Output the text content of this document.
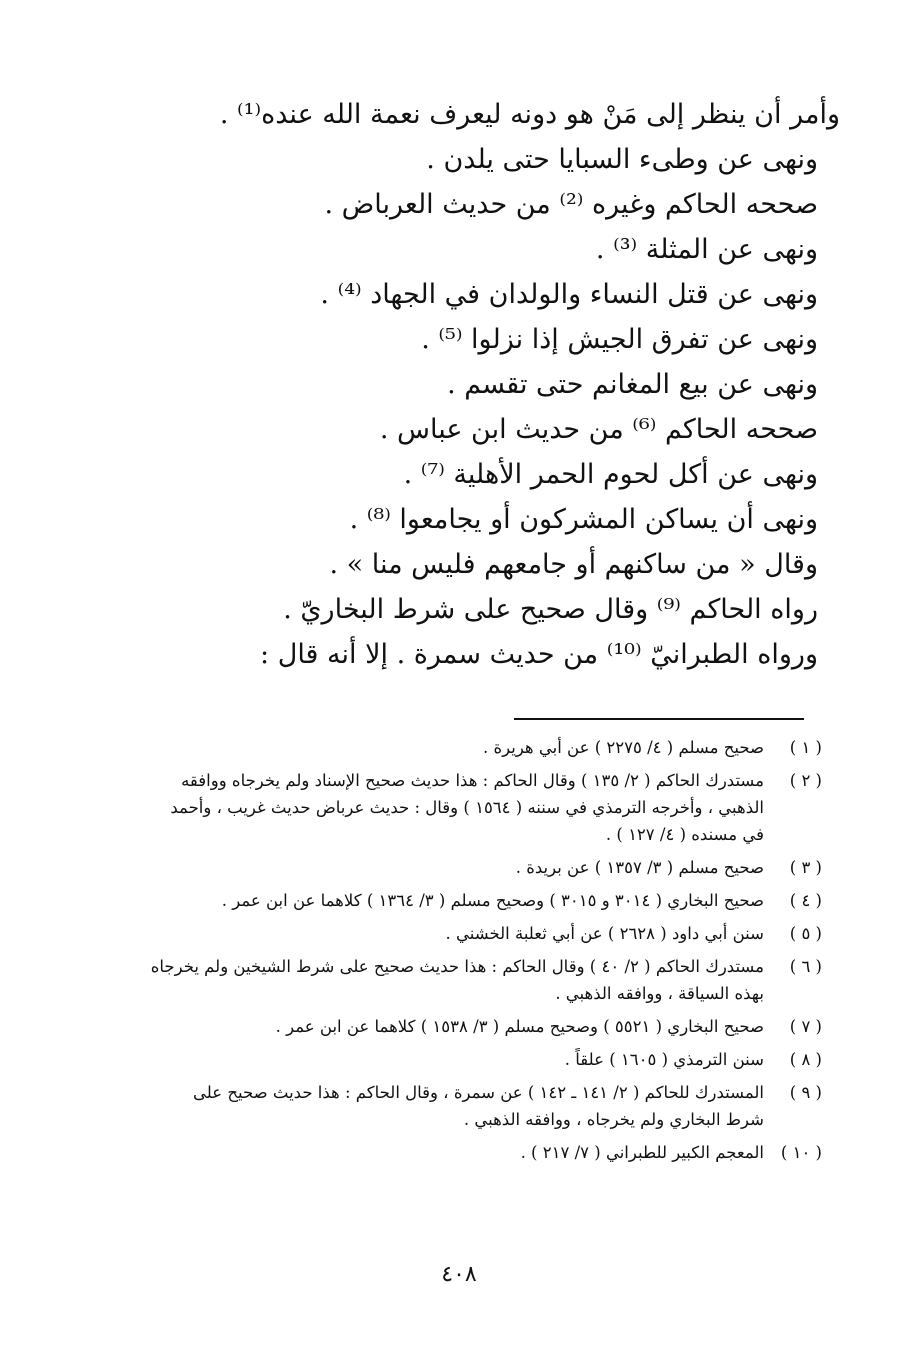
وأمر أن ينظر إلى مَنْ هو دونه ليعرف نعمة الله عنده⁽¹⁾ .
ونهى عن وطىء السبايا حتى يلدن .
صححه الحاكم وغيره ⁽²⁾ من حديث العرباض .
ونهى عن المثلة ⁽³⁾ .
ونهى عن قتل النساء والولدان في الجهاد ⁽⁴⁾ .
ونهى عن تفرق الجيش إذا نزلوا ⁽⁵⁾ .
ونهى عن بيع المغانم حتى تقسم .
صححه الحاكم ⁽⁶⁾ من حديث ابن عباس .
ونهى عن أكل لحوم الحمر الأهلية ⁽⁷⁾ .
ونهى أن يساكن المشركون أو يجامعوا ⁽⁸⁾ .
وقال « من ساكنهم أو جامعهم فليس منا » .
رواه الحاكم ⁽⁹⁾ وقال صحيح على شرط البخاريّ .
ورواه الطبرانيّ ⁽¹⁰⁾ من حديث سمرة . إلا أنه قال :
( ١ )
صحيح مسلم ( ٤/ ٢٢٧٥ ) عن أبي هريرة .
( ٢ )
مستدرك الحاكم ( ٢/ ١٣٥ ) وقال الحاكم : هذا حديث صحيح الإسناد ولم يخرجاه ووافقه
الذهبي ، وأخرجه الترمذي في سننه ( ١٥٦٤ ) وقال : حديث عرباض حديث غريب ، وأحمد
في مسنده ( ٤/ ١٢٧ ) .
( ٣ )
صحيح مسلم ( ٣/ ١٣٥٧ ) عن بريدة .
( ٤ )
صحيح البخاري ( ٣٠١٤ و ٣٠١٥ ) وصحيح مسلم ( ٣/ ١٣٦٤ ) كلاهما عن ابن عمر .
( ٥ )
سنن أبي داود ( ٢٦٢٨ ) عن أبي ثعلبة الخشني .
( ٦ )
مستدرك الحاكم ( ٢/ ٤٠ ) وقال الحاكم : هذا حديث صحيح على شرط الشيخين ولم يخرجاه
بهذه السياقة ، ووافقه الذهبي .
( ٧ )
صحيح البخاري ( ٥٥٢١ ) وصحيح مسلم ( ٣/ ١٥٣٨ ) كلاهما عن ابن عمر .
( ٨ )
سنن الترمذي ( ١٦٠٥ ) علقاً .
( ٩ )
المستدرك للحاكم ( ٢/ ١٤١ ـ ١٤٢ ) عن سمرة ، وقال الحاكم : هذا حديث صحيح على
شرط البخاري ولم يخرجاه ، ووافقه الذهبي .
( ١٠ )
المعجم الكبير للطبراني ( ٧/ ٢١٧ ) .
٤٠٨
